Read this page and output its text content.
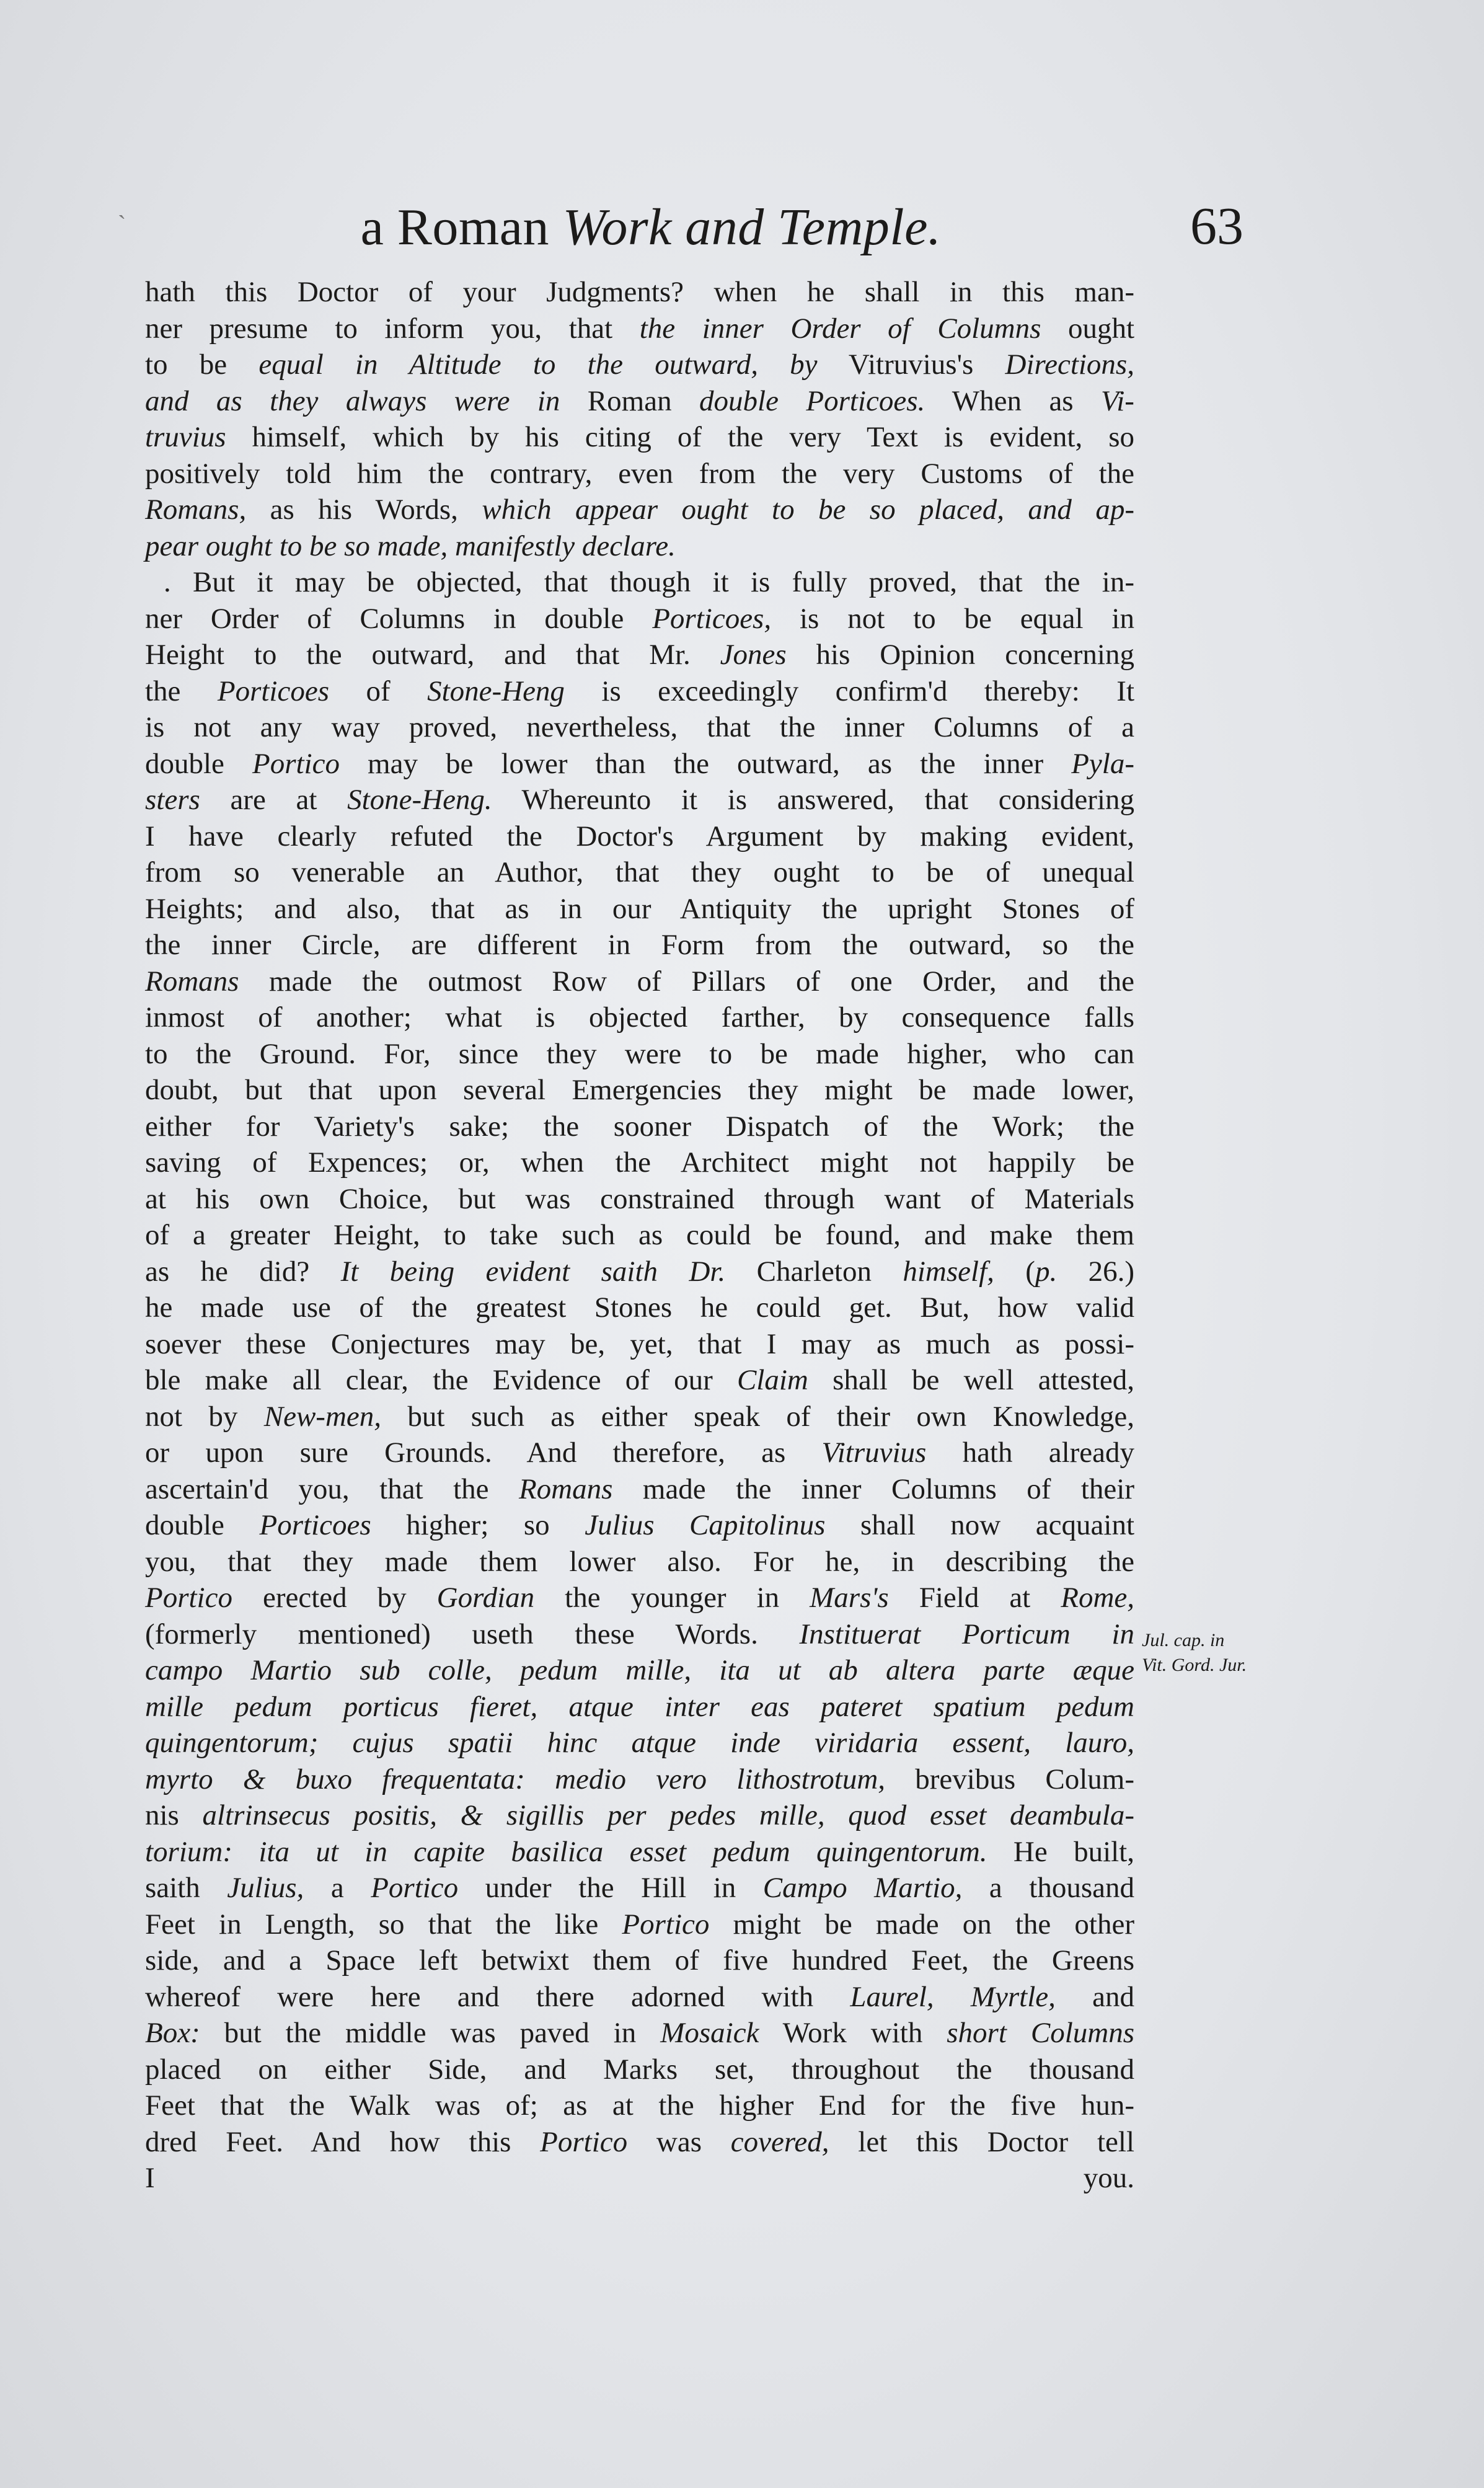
`	a Roman Work and Temple.	63
hath this Doctor of your Judgments? when he shall in this man-
ner presume to inform you, that the inner Order of Columns ought
to be equal in Altitude to the outward, by Vitruvius's Directions,
and as they always were in Roman double Porticoes. When as Vi-
truvius himself, which by his citing of the very Text is evident, so
positively told him the contrary, even from the very Customs of the
Romans, as his Words, which appear ought to be so placed, and ap-
pear ought to be so made, manifestly declare.
. But it may be objected, that though it is fully proved, that the in-
ner Order of Columns in double Porticoes, is not to be equal in
Height to the outward, and that Mr. Jones his Opinion concerning
the Porticoes of Stone-Heng is exceedingly confirm'd thereby: It
is not any way proved, nevertheless, that the inner Columns of a
double Portico may be lower than the outward, as the inner Pyla-
sters are at Stone-Heng. Whereunto it is answered, that considering
I have clearly refuted the Doctor's Argument by making evident,
from so venerable an Author, that they ought to be of unequal
Heights; and also, that as in our Antiquity the upright Stones of
the inner Circle, are different in Form from the outward, so the
Romans made the outmost Row of Pillars of one Order, and the
inmost of another; what is objected farther, by consequence falls
to the Ground. For, since they were to be made higher, who can
doubt, but that upon several Emergencies they might be made lower,
either for Variety's sake; the sooner Dispatch of the Work; the
saving of Expences; or, when the Architect might not happily be
at his own Choice, but was constrained through want of Materials
of a greater Height, to take such as could be found, and make them
as he did? It being evident saith Dr. Charleton himself, (p. 26.)
he made use of the greatest Stones he could get. But, how valid
soever these Conjectures may be, yet, that I may as much as possi-
ble make all clear, the Evidence of our Claim shall be well attested,
not by New-men, but such as either speak of their own Knowledge,
or upon sure Grounds. And therefore, as Vitruvius hath already
ascertain'd you, that the Romans made the inner Columns of their
double Porticoes higher; so Julius Capitolinus shall now acquaint
you, that they made them lower also. For he, in describing the
Portico erected by Gordian the younger in Mars's Field at Rome,
(formerly mentioned) useth these Words. Instituerat Porticum in
campo Martio sub colle, pedum mille, ita ut ab altera parte æque
mille pedum porticus fieret, atque inter eas pateret spatium pedum
quingentorum; cujus spatii hinc atque inde viridaria essent, lauro,
myrto & buxo frequentata: medio vero lithostrotum, brevibus Colum-
nis altrinsecus positis, & sigillis per pedes mille, quod esset deambula-
torium: ita ut in capite basilica esset pedum quingentorum. He built,
saith Julius, a Portico under the Hill in Campo Martio, a thousand
Feet in Length, so that the like Portico might be made on the other
side, and a Space left betwixt them of five hundred Feet, the Greens
whereof were here and there adorned with Laurel, Myrtle, and
Box: but the middle was paved in Mosaick Work with short Columns
placed on either Side, and Marks set, throughout the thousand
Feet that the Walk was of; as at the higher End for the five hun-
dred Feet. And how this Portico was covered, let this Doctor tell
I	you.
Jul. cap. in
Vit. Gord. Jur.
